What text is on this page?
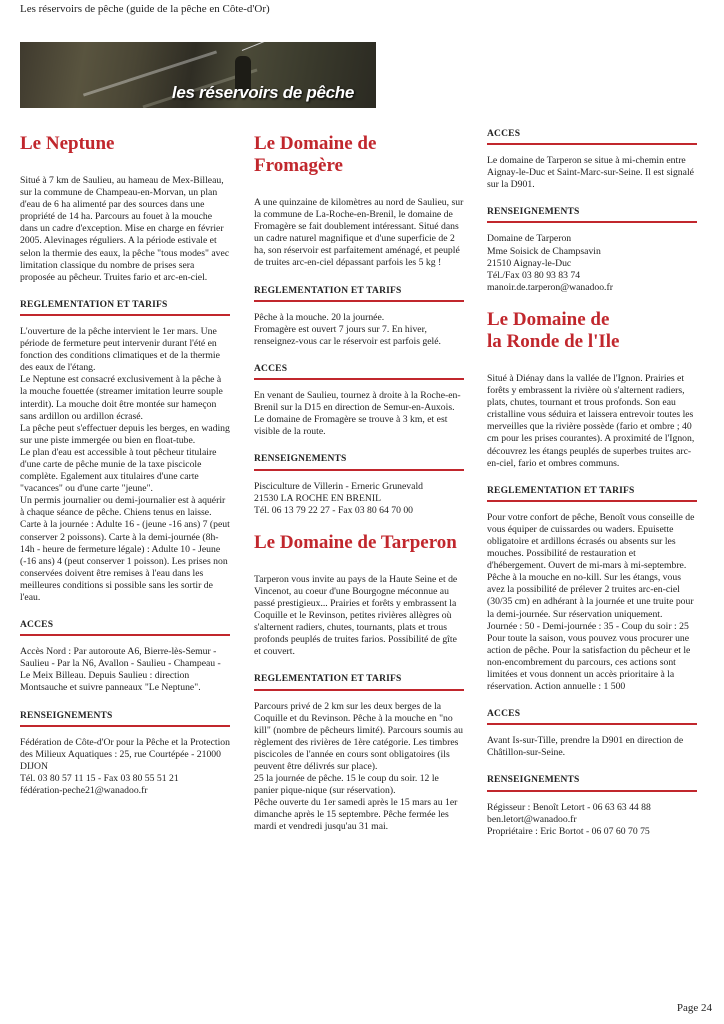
Les réservoirs de pêche (guide de la pêche en Côte-d'Or)
les réservoirs de pêche
Le Neptune

Situé à 7 km de Saulieu, au hameau de Mex-Billeau, sur la commune de Champeau-en-Morvan, un plan d'eau de 6 ha alimenté par des sources dans une propriété de 14 ha. Parcours au fouet à la mouche dans un cadre d'exception. Mise en charge en février 2005. Alevinages réguliers. A la période estivale et selon la thermie des eaux, la pêche "tous modes" avec limitation classique du nombre de prises sera proposée au pêcheur. Truites fario et arc-en-ciel.

REGLEMENTATION ET TARIFS

L'ouverture de la pêche intervient le 1er mars. Une période de fermeture peut intervenir durant l'été en fonction des conditions climatiques et de la thermie des eaux de l'étang.
Le Neptune est consacré exclusivement à la pêche à la mouche fouettée (streamer imitation leurre souple interdit). La mouche doit être montée sur hameçon sans ardillon ou ardillon écrasé.
La pêche peut s'effectuer depuis les berges, en wading sur une piste immergée ou bien en float-tube.
Le plan d'eau est accessible à tout pêcheur titulaire d'une carte de pêche munie de la taxe piscicole complète. Egalement aux titulaires d'une carte "vacances" ou d'une carte "jeune".
Un permis journalier ou demi-journalier est à aquérir à chaque séance de pêche. Chiens tenus en laisse.
Carte à la journée : Adulte 16 - (jeune -16 ans) 7 (peut conserver 2 poissons). Carte à la demi-journée (8h-14h - heure de fermeture légale) : Adulte 10 - Jeune (-16 ans) 4 (peut conserver 1 poisson). Les prises non conservées doivent être remises à l'eau dans les meilleures conditions si possible sans les sortir de l'eau.

ACCES

Accès Nord : Par autoroute A6, Bierre-lès-Semur - Saulieu - Par la N6, Avallon - Saulieu - Champeau - Le Meix Billeau. Depuis Saulieu : direction Montsauche et suivre panneaux "Le Neptune".

RENSEIGNEMENTS

Fédération de Côte-d'Or pour la Pêche et la Protection des Milieux Aquatiques : 25, rue Courtépée - 21000 DIJON
Tél. 03 80 57 11 15 - Fax 03 80 55 51 21
fédération-peche21@wanadoo.fr

Le Domaine de
Fromagère

A une quinzaine de kilomètres au nord de Saulieu, sur la commune de La-Roche-en-Brenil, le domaine de Fromagère se fait doublement intéressant. Situé dans un cadre naturel magnifique et d'une superficie de 2 ha, son réservoir est parfaitement aménagé, et peuplé de truites arc-en-ciel dépassant parfois les 5 kg !

REGLEMENTATION ET TARIFS

Pêche à la mouche. 20 la journée.
Fromagère est ouvert 7 jours sur 7. En hiver, renseignez-vous car le réservoir est parfois gelé.

ACCES

En venant de Saulieu, tournez à droite à la Roche-en-Brenil sur la D15 en direction de Semur-en-Auxois. Le domaine de Fromagère se trouve à 3 km, et est visible de la route.

RENSEIGNEMENTS

Pisciculture de Villerin - Erneric Grunevald
21530 LA ROCHE EN BRENIL
Tél. 06 13 79 22 27 - Fax 03 80 64 70 00

Le Domaine de Tarperon

Tarperon vous invite au pays de la Haute Seine et de Vincenot, au coeur d'une Bourgogne méconnue au passé prestigieux... Prairies et forêts y embrassent la Coquille et le Revinson, petites rivières allègres où s'alternent radiers, chutes, tournants, plats et trous profonds peuplés de truites farios. Possibilité de gîte et couvert.

REGLEMENTATION ET TARIFS

Parcours privé de 2 km sur les deux berges de la Coquille et du Revinson. Pêche à la mouche en "no kill" (nombre de pêcheurs limité). Parcours soumis au règlement des rivières de 1ère catégorie. Les timbres piscicoles de l'année en cours sont obligatoires (ils peuvent être délivrés sur place).
25 la journée de pêche. 15 le coup du soir. 12 le panier pique-nique (sur réservation).
Pêche ouverte du 1er samedi après le 15 mars au 1er dimanche après le 15 septembre. Pêche fermée les mardi et vendredi jusqu'au 31 mai.

ACCES

Le domaine de Tarperon se situe à mi-chemin entre Aignay-le-Duc et Saint-Marc-sur-Seine. Il est signalé sur la D901.

RENSEIGNEMENTS

Domaine de Tarperon
Mme Soisick de Champsavin
21510 Aignay-le-Duc
Tél./Fax 03 80 93 83 74
manoir.de.tarperon@wanadoo.fr

Le Domaine de
la Ronde de l'Ile

Situé à Diénay dans la vallée de l'Ignon. Prairies et forêts y embrassent la rivière où s'alternent radiers, plats, chutes, tournant et trous profonds. Son eau cristalline vous séduira et laissera entrevoir toutes les merveilles que la rivière possède (fario et ombre ; 40 cm pour les prises courantes). A proximité de l'Ignon, découvrez les étangs peuplés de superbes truites arc-en-ciel, fario et ombres communs.

REGLEMENTATION ET TARIFS

Pour votre confort de pêche, Benoît vous conseille de vous équiper de cuissardes ou waders. Epuisette obligatoire et ardillons écrasés ou absents sur les mouches. Possibilité de restauration et d'hébergement. Ouvert de mi-mars à mi-septembre. Pêche à la mouche en no-kill. Sur les étangs, vous avez la possibilité de prélever 2 truites arc-en-ciel (30/35 cm) en adhérant à la journée et une truite pour la demi-journée. Sur réservation uniquement.
Journée : 50 - Demi-journée : 35 - Coup du soir : 25
Pour toute la saison, vous pouvez vous procurer une action de pêche. Pour la satisfaction du pêcheur et le non-encombrement du parcours, ces actions sont limitées et vous donnent un accès prioritaire à la réservation. Action annuelle : 1 500

ACCES

Avant Is-sur-Tille, prendre la D901 en direction de Châtillon-sur-Seine.

RENSEIGNEMENTS

Régisseur : Benoît Letort - 06 63 63 44 88
ben.letort@wanadoo.fr
Propriétaire : Eric Bortot - 06 07 60 70 75

Page 24
